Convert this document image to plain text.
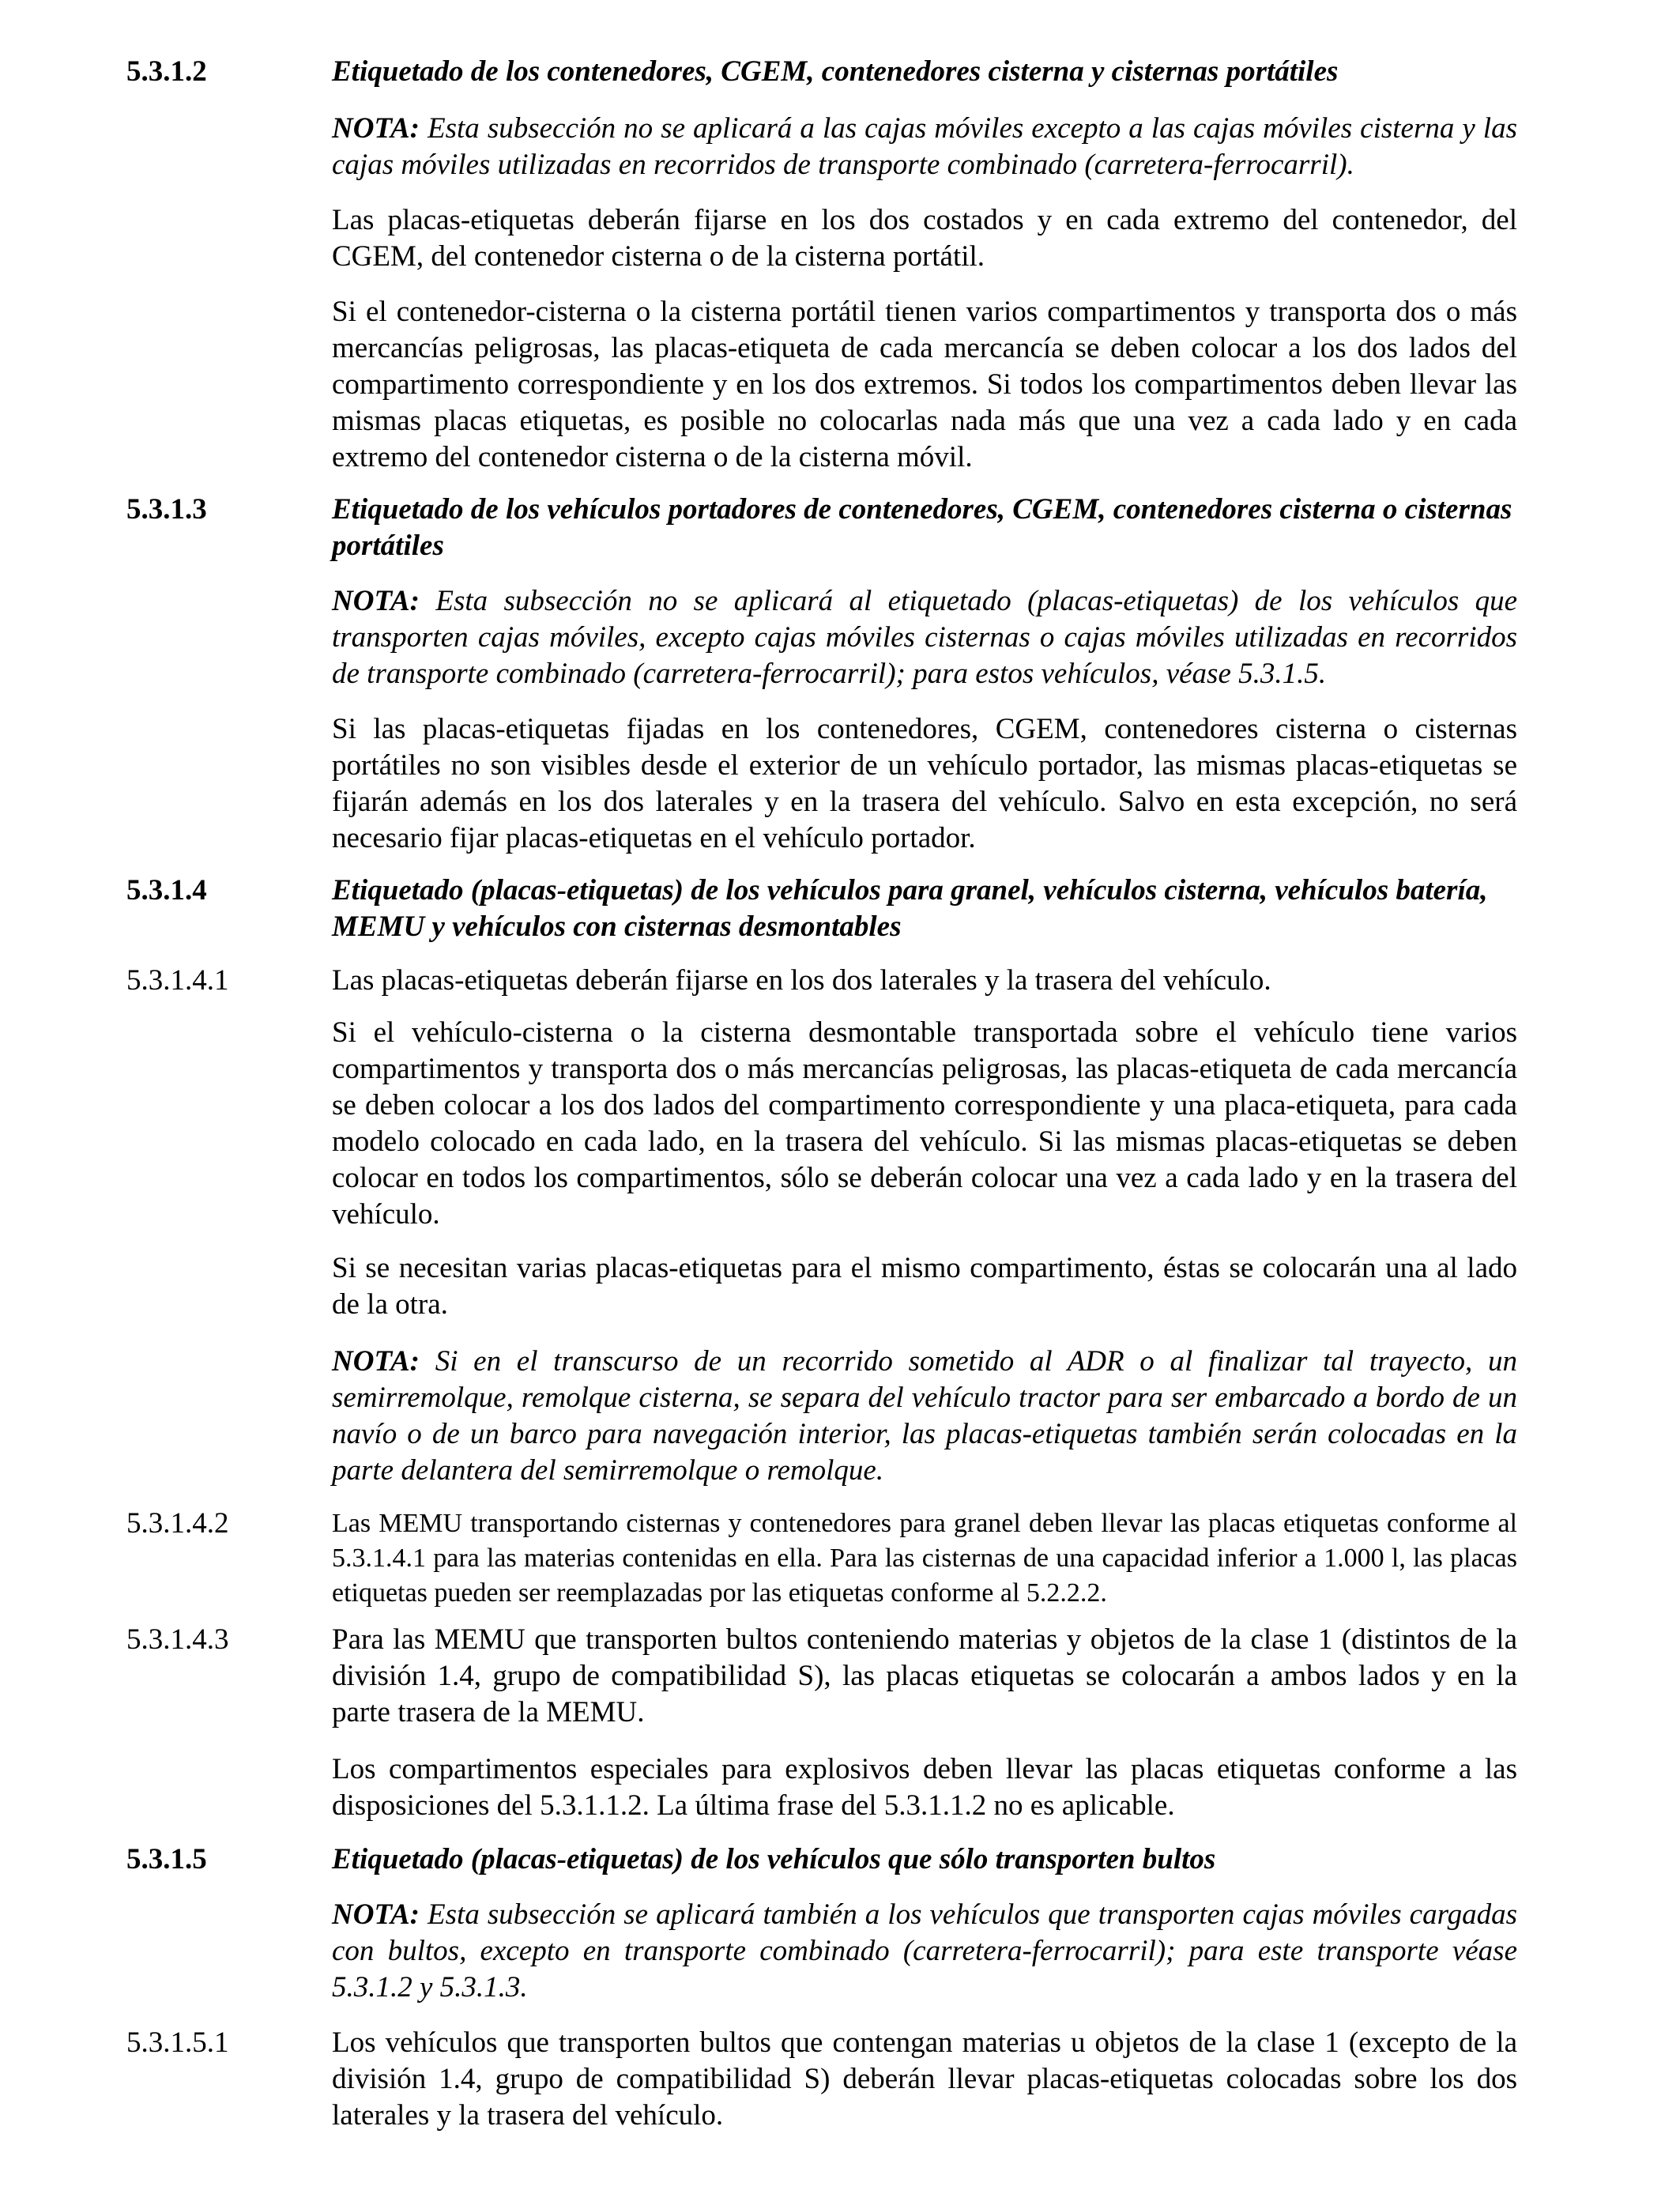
5.3.1.2	Etiquetado de los contenedores, CGEM, contenedores cisterna y cisternas portátiles
NOTA: Esta subsección no se aplicará a las cajas móviles excepto a las cajas móviles cisterna y las cajas móviles utilizadas en recorridos de transporte combinado (carretera-ferrocarril).
Las placas-etiquetas deberán fijarse en los dos costados y en cada extremo del contenedor, del CGEM, del contenedor cisterna o de la cisterna portátil.
Si el contenedor-cisterna o la cisterna portátil tienen varios compartimentos y transporta dos o más mercancías peligrosas, las placas-etiqueta de cada mercancía se deben colocar a los dos lados del compartimento correspondiente y en los dos extremos. Si todos los compartimentos deben llevar las mismas placas etiquetas, es posible no colocarlas nada más que una vez a cada lado y en cada extremo del contenedor cisterna o de la cisterna móvil.
5.3.1.3	Etiquetado de los vehículos portadores de contenedores, CGEM, contenedores cisterna o cisternas portátiles
NOTA: Esta subsección no se aplicará al etiquetado (placas-etiquetas) de los vehículos que transporten cajas móviles, excepto cajas móviles cisternas o cajas móviles utilizadas en recorridos de transporte combinado (carretera-ferrocarril); para estos vehículos, véase 5.3.1.5.
Si las placas-etiquetas fijadas en los contenedores, CGEM, contenedores cisterna o cisternas portátiles no son visibles desde el exterior de un vehículo portador, las mismas placas-etiquetas se fijarán además en los dos laterales y en la trasera del vehículo. Salvo en esta excepción, no será necesario fijar placas-etiquetas en el vehículo portador.
5.3.1.4	Etiquetado (placas-etiquetas) de los vehículos para granel, vehículos cisterna, vehículos batería, MEMU y vehículos con cisternas desmontables
5.3.1.4.1	Las placas-etiquetas deberán fijarse en los dos laterales y la trasera del vehículo.
Si el vehículo-cisterna o la cisterna desmontable transportada sobre el vehículo tiene varios compartimentos y transporta dos o más mercancías peligrosas, las placas-etiqueta de cada mercancía se deben colocar a los dos lados del compartimento correspondiente y una placa-etiqueta, para cada modelo colocado en cada lado, en la trasera del vehículo. Si las mismas placas-etiquetas se deben colocar en todos los compartimentos, sólo se deberán colocar una vez a cada lado y en la trasera del vehículo.
Si se necesitan varias placas-etiquetas para el mismo compartimento, éstas se colocarán una al lado de la otra.
NOTA: Si en el transcurso de un recorrido sometido al ADR o al finalizar tal trayecto, un semirremolque, remolque cisterna, se separa del vehículo tractor para ser embarcado a bordo de un navío o de un barco para navegación interior, las placas-etiquetas también serán colocadas en la parte delantera del semirremolque o remolque.
5.3.1.4.2	Las MEMU transportando cisternas y contenedores para granel deben llevar las placas etiquetas conforme al 5.3.1.4.1 para las materias contenidas en ella. Para las cisternas de una capacidad inferior a 1.000 l, las placas etiquetas pueden ser reemplazadas por las etiquetas conforme al 5.2.2.2.
5.3.1.4.3	Para las MEMU que transporten bultos conteniendo materias y objetos de la clase 1 (distintos de la división 1.4, grupo de compatibilidad S), las placas etiquetas se colocarán a ambos lados y en la parte trasera de la MEMU.
Los compartimentos especiales para explosivos deben llevar las placas etiquetas conforme a las disposiciones del 5.3.1.1.2. La última frase del 5.3.1.1.2 no es aplicable.
5.3.1.5	Etiquetado (placas-etiquetas) de los vehículos que sólo transporten bultos
NOTA: Esta subsección se aplicará también a los vehículos que transporten cajas móviles cargadas con bultos, excepto en transporte combinado (carretera-ferrocarril); para este transporte véase 5.3.1.2 y 5.3.1.3.
5.3.1.5.1	Los vehículos que transporten bultos que contengan materias u objetos de la clase 1 (excepto de la división 1.4, grupo de compatibilidad S) deberán llevar placas-etiquetas colocadas sobre los dos laterales y la trasera del vehículo.
